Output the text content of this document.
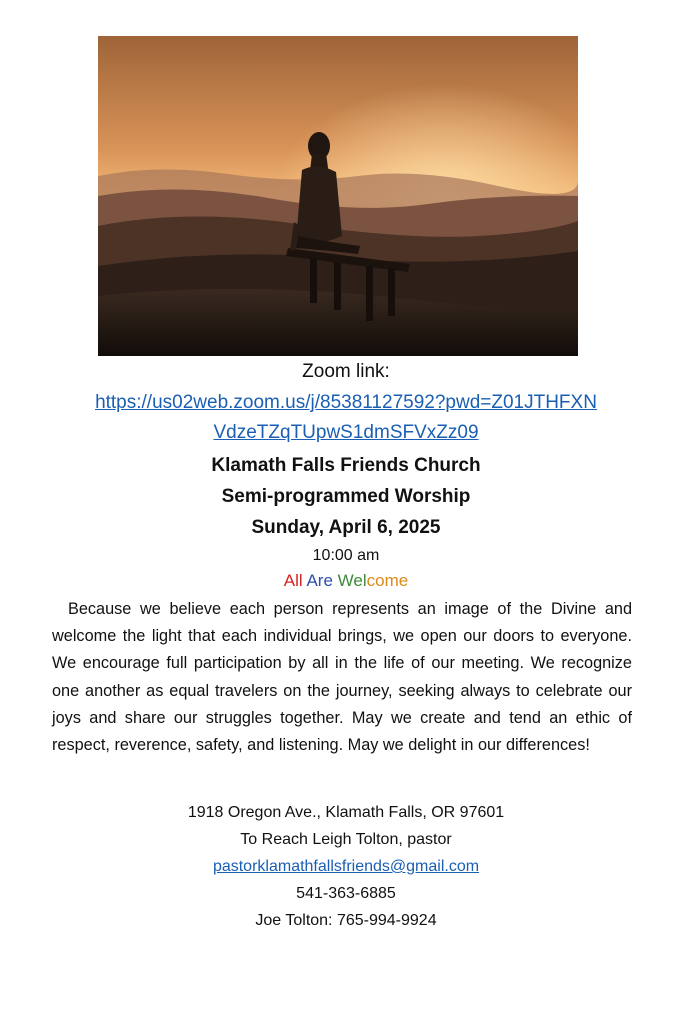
Zoom link:
https://us02web.zoom.us/j/85381127592?pwd=Z01JTHFXN
VdzeTZqTUpwS1dmSFVxZz09
Klamath Falls Friends Church
Semi-programmed Worship
Sunday, April 6, 2025
10:00 am
All Are Welcome
Because we believe each person represents an image of the Divine and welcome the light that each individual brings, we open our doors to everyone. We encourage full participation by all in the life of our meeting. We recognize one another as equal travelers on the journey, seeking always to celebrate our joys and share our struggles together. May we create and tend an ethic of respect, reverence, safety, and listening. May we delight in our differences!
1918 Oregon Ave., Klamath Falls, OR 97601
To Reach Leigh Tolton, pastor
pastorklamathfallsfriends@gmail.com
541-363-6885
Joe Tolton: 765-994-9924
